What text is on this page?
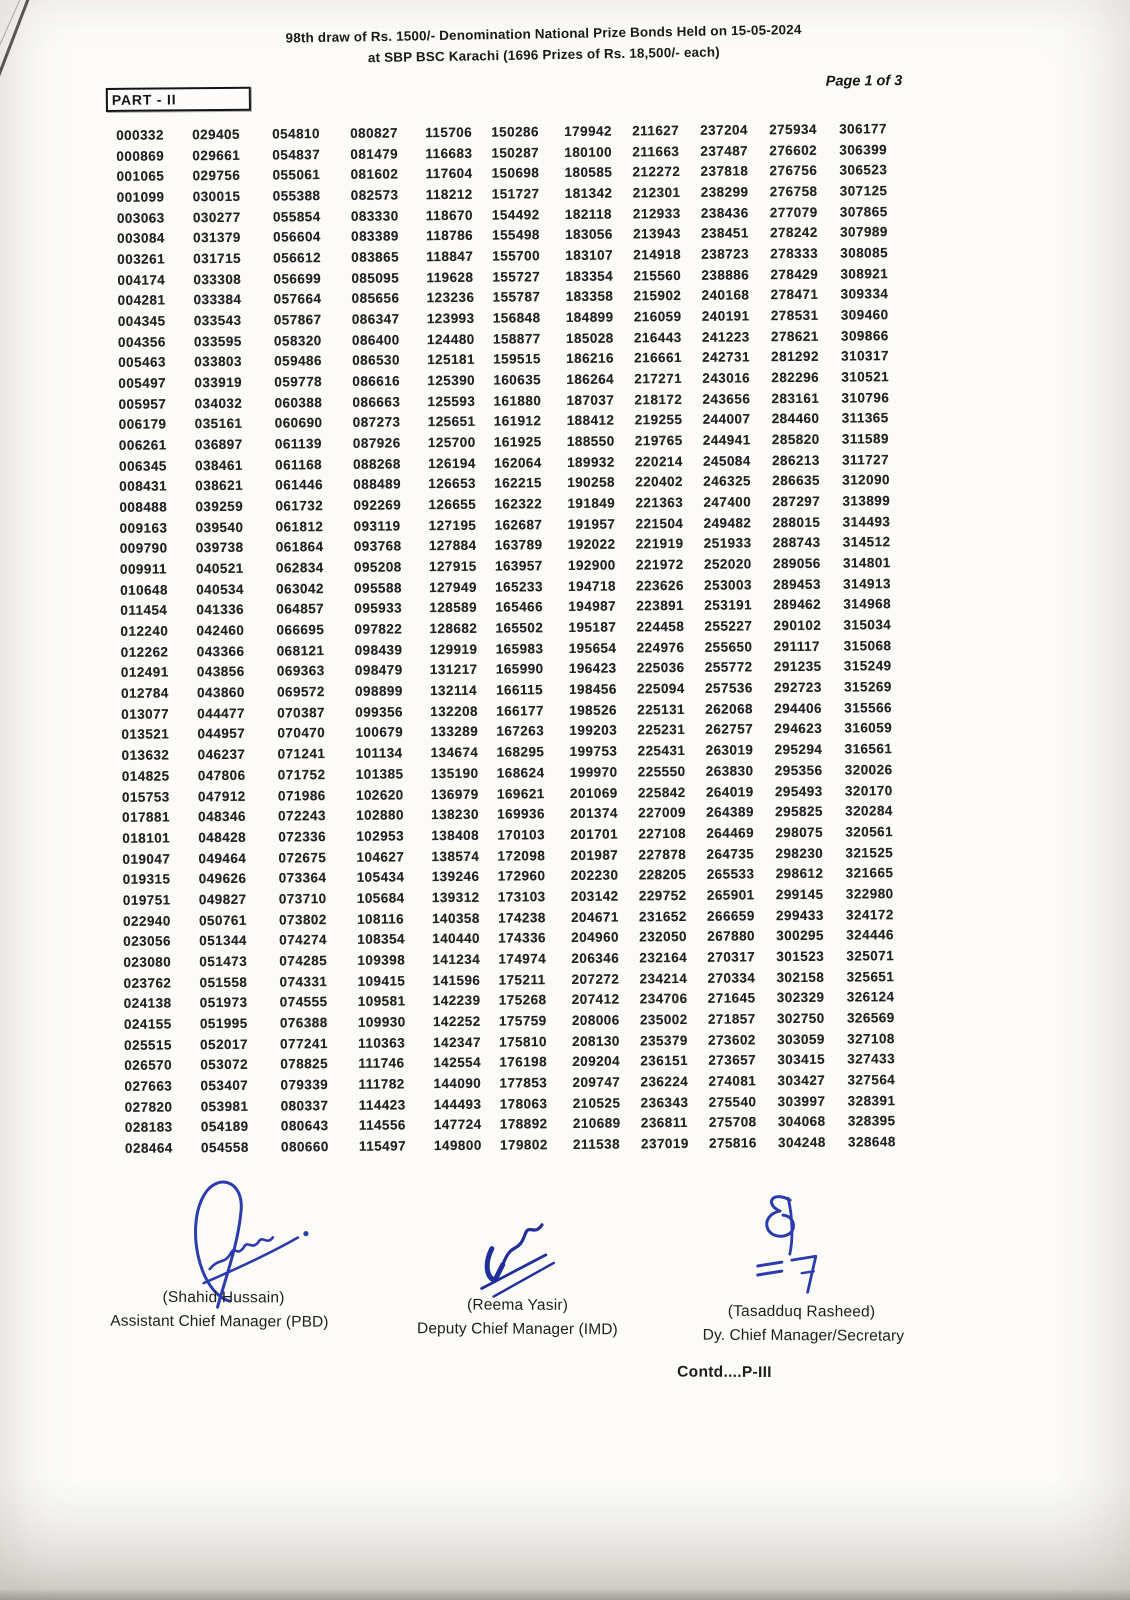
98th draw of Rs. 1500/- Denomination National Prize Bonds Held on 15-05-2024
at SBP BSC Karachi (1696 Prizes of Rs. 18,500/- each)
Page 1 of 3
PART - II
000332
000869
001065
001099
003063
003084
003261
004174
004281
004345
004356
005463
005497
005957
006179
006261
006345
008431
008488
009163
009790
009911
010648
011454
012240
012262
012491
012784
013077
013521
013632
014825
015753
017881
018101
019047
019315
019751
022940
023056
023080
023762
024138
024155
025515
026570
027663
027820
028183
028464
029405
029661
029756
030015
030277
031379
031715
033308
033384
033543
033595
033803
033919
034032
035161
036897
038461
038621
039259
039540
039738
040521
040534
041336
042460
043366
043856
043860
044477
044957
046237
047806
047912
048346
048428
049464
049626
049827
050761
051344
051473
051558
051973
051995
052017
053072
053407
053981
054189
054558
054810
054837
055061
055388
055854
056604
056612
056699
057664
057867
058320
059486
059778
060388
060690
061139
061168
061446
061732
061812
061864
062834
063042
064857
066695
068121
069363
069572
070387
070470
071241
071752
071986
072243
072336
072675
073364
073710
073802
074274
074285
074331
074555
076388
077241
078825
079339
080337
080643
080660
080827
081479
081602
082573
083330
083389
083865
085095
085656
086347
086400
086530
086616
086663
087273
087926
088268
088489
092269
093119
093768
095208
095588
095933
097822
098439
098479
098899
099356
100679
101134
101385
102620
102880
102953
104627
105434
105684
108116
108354
109398
109415
109581
109930
110363
111746
111782
114423
114556
115497
115706
116683
117604
118212
118670
118786
118847
119628
123236
123993
124480
125181
125390
125593
125651
125700
126194
126653
126655
127195
127884
127915
127949
128589
128682
129919
131217
132114
132208
133289
134674
135190
136979
138230
138408
138574
139246
139312
140358
140440
141234
141596
142239
142252
142347
142554
144090
144493
147724
149800
150286
150287
150698
151727
154492
155498
155700
155727
155787
156848
158877
159515
160635
161880
161912
161925
162064
162215
162322
162687
163789
163957
165233
165466
165502
165983
165990
166115
166177
167263
168295
168624
169621
169936
170103
172098
172960
173103
174238
174336
174974
175211
175268
175759
175810
176198
177853
178063
178892
179802
179942
180100
180585
181342
182118
183056
183107
183354
183358
184899
185028
186216
186264
187037
188412
188550
189932
190258
191849
191957
192022
192900
194718
194987
195187
195654
196423
198456
198526
199203
199753
199970
201069
201374
201701
201987
202230
203142
204671
204960
206346
207272
207412
208006
208130
209204
209747
210525
210689
211538
211627
211663
212272
212301
212933
213943
214918
215560
215902
216059
216443
216661
217271
218172
219255
219765
220214
220402
221363
221504
221919
221972
223626
223891
224458
224976
225036
225094
225131
225231
225431
225550
225842
227009
227108
227878
228205
229752
231652
232050
232164
234214
234706
235002
235379
236151
236224
236343
236811
237019
237204
237487
237818
238299
238436
238451
238723
238886
240168
240191
241223
242731
243016
243656
244007
244941
245084
246325
247400
249482
251933
252020
253003
253191
255227
255650
255772
257536
262068
262757
263019
263830
264019
264389
264469
264735
265533
265901
266659
267880
270317
270334
271645
271857
273602
273657
274081
275540
275708
275816
275934
276602
276756
276758
277079
278242
278333
278429
278471
278531
278621
281292
282296
283161
284460
285820
286213
286635
287297
288015
288743
289056
289453
289462
290102
291117
291235
292723
294406
294623
295294
295356
295493
295825
298075
298230
298612
299145
299433
300295
301523
302158
302329
302750
303059
303415
303427
303997
304068
304248
306177
306399
306523
307125
307865
307989
308085
308921
309334
309460
309866
310317
310521
310796
311365
311589
311727
312090
313899
314493
314512
314801
314913
314968
315034
315068
315249
315269
315566
316059
316561
320026
320170
320284
320561
321525
321665
322980
324172
324446
325071
325651
326124
326569
327108
327433
327564
328391
328395
328648
(Shahid Hussain)
Assistant Chief Manager (PBD)
(Reema Yasir)
Deputy Chief Manager (IMD)
(Tasadduq Rasheed)
Dy. Chief Manager/Secretary
Contd....P-III
